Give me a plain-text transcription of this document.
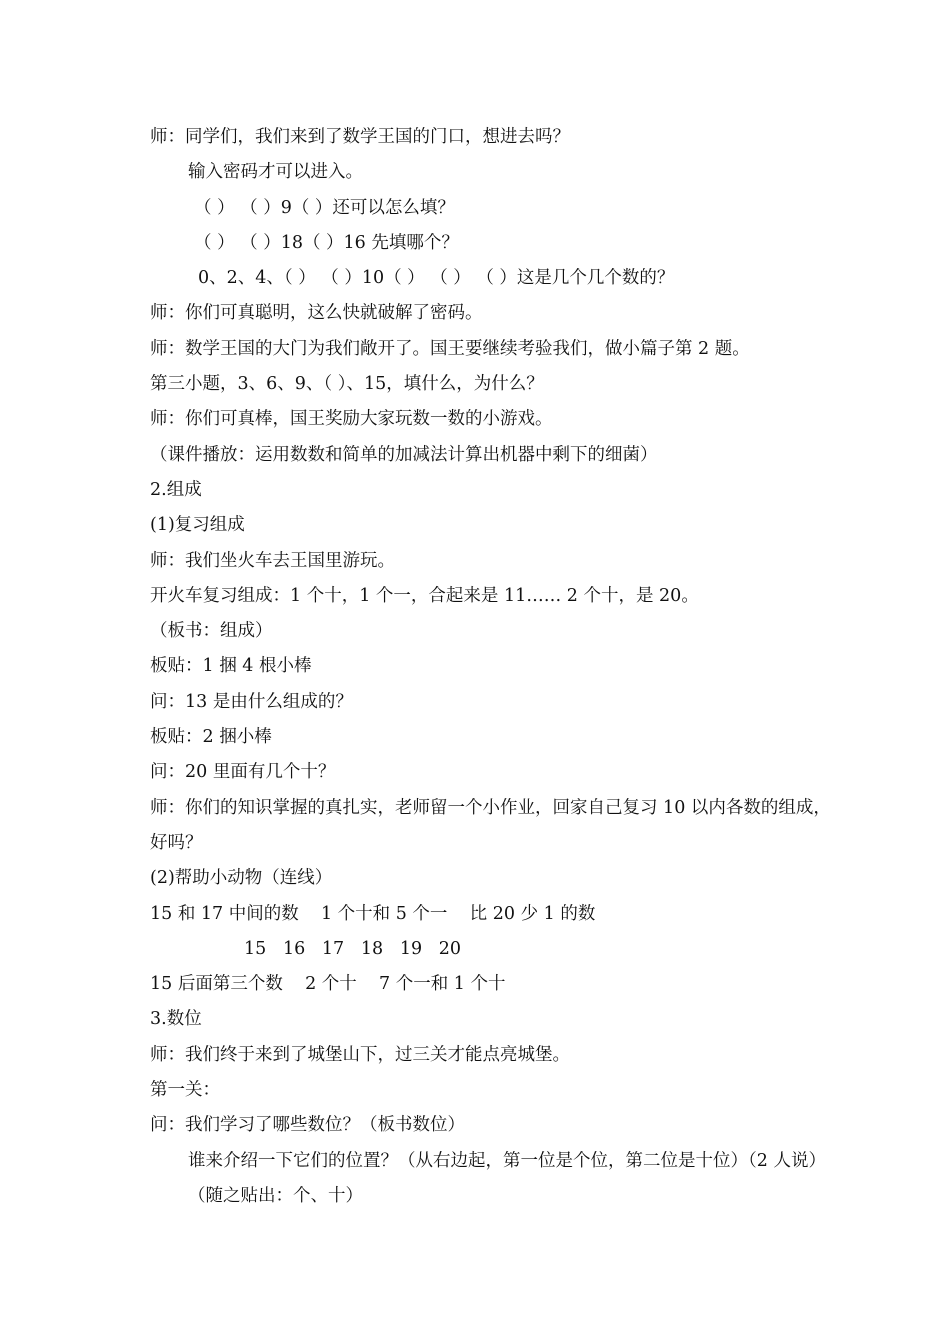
师：同学们，我们来到了数学王国的门口，想进去吗？
输入密码才可以进入。
（ ） （ ）9（ ）还可以怎么填？
（ ） （ ）18（ ）16 先填哪个？
0、2、4、（ ） （ ）10（ ） （ ） （ ）这是几个几个数的？
师：你们可真聪明，这么快就破解了密码。
师：数学王国的大门为我们敞开了。国王要继续考验我们，做小篇子第 2 题。
第三小题，3、6、9、（ ）、15，填什么，为什么？
师：你们可真棒，国王奖励大家玩数一数的小游戏。
（课件播放：运用数数和简单的加减法计算出机器中剩下的细菌）
2.组成
(1)复习组成
师：我们坐火车去王国里游玩。
开火车复习组成：1 个十，1 个一，合起来是 11…… 2 个十，是 20。
（板书：组成）
板贴：1 捆 4 根小棒
问：13 是由什么组成的？
板贴：2 捆小棒
问：20 里面有几个十？
师：你们的知识掌握的真扎实，老师留一个小作业，回家自己复习 10 以内各数的组成，
好吗？
(2)帮助小动物（连线）
15 和 17 中间的数    1 个十和 5 个一    比 20 少 1 的数
15   16   17   18   19   20
15 后面第三个数    2 个十    7 个一和 1 个十
3.数位
师：我们终于来到了城堡山下，过三关才能点亮城堡。
第一关：
问：我们学习了哪些数位？（板书数位）
谁来介绍一下它们的位置？（从右边起，第一位是个位，第二位是十位）（2 人说）
（随之贴出：个、十）
